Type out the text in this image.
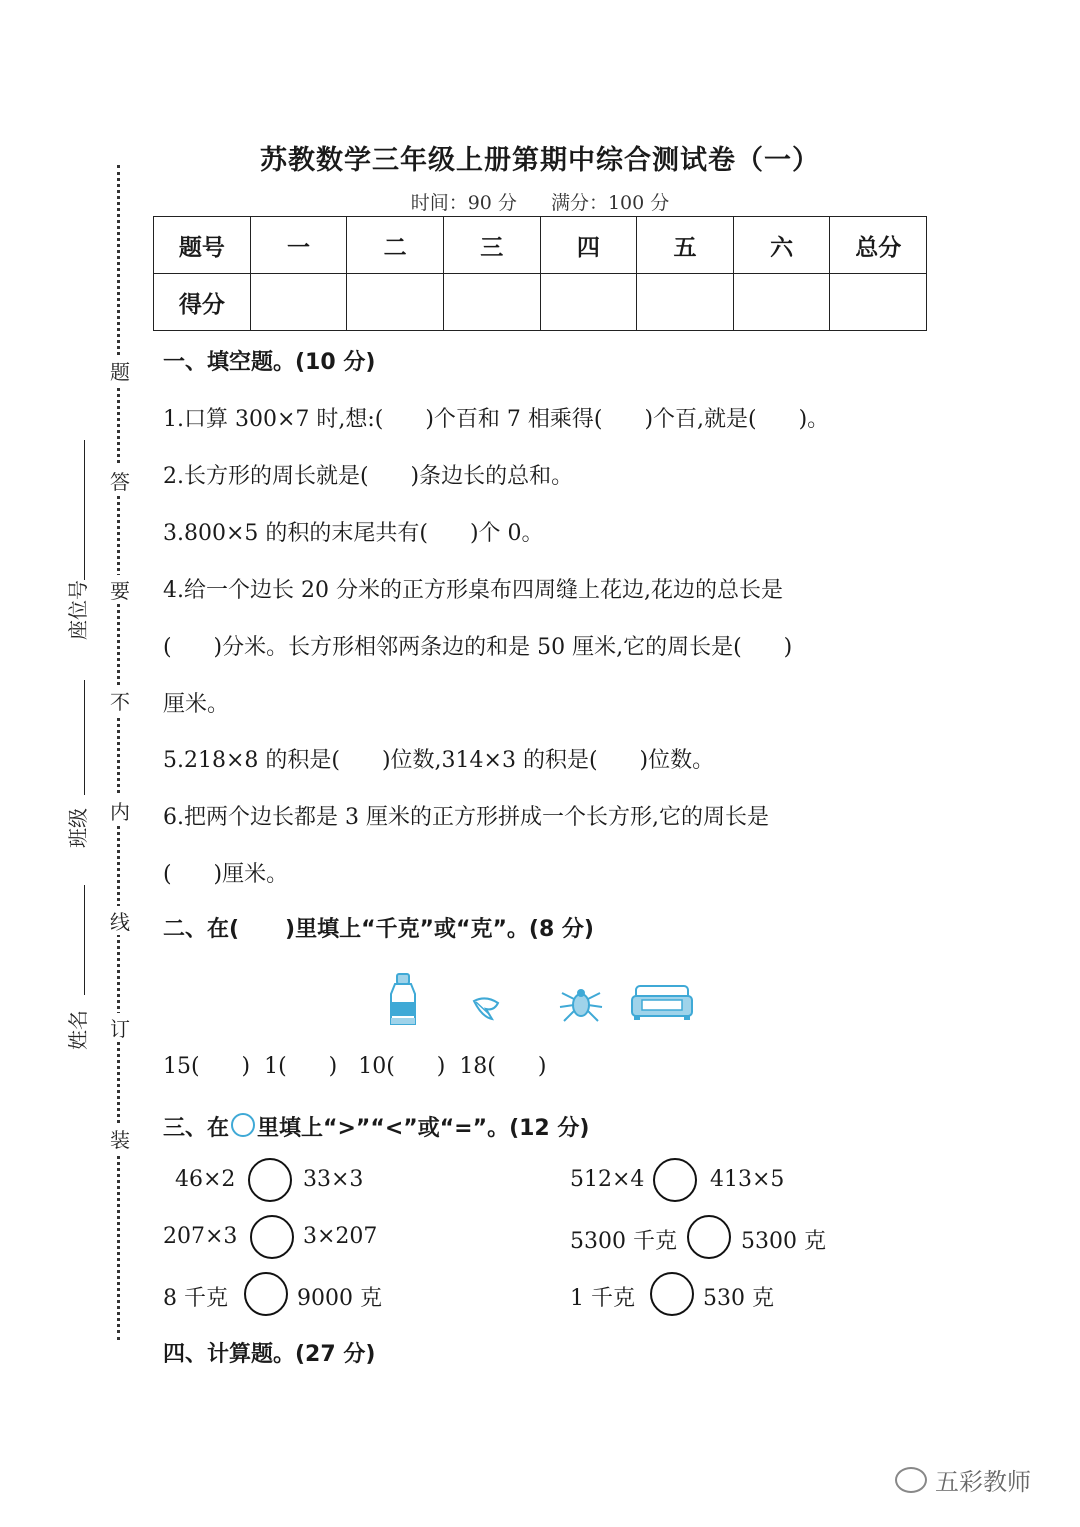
苏教数学三年级上册第期中综合测试卷（一）
时间：90 分 满分：100 分
题号	一	二	三	四	五	六	总分
得分							
题
答
要
不
内
线
订
装
座位号
班级
姓名
一、填空题。(10 分)
1.口算 300×7 时,想:(      )个百和 7 相乘得(      )个百,就是(      )。
2.长方形的周长就是(      )条边长的总和。
3.800×5 的积的末尾共有(      )个 0。
4.给一个边长 20 分米的正方形桌布四周缝上花边,花边的总长是
(      )分米。长方形相邻两条边的和是 50 厘米,它的周长是(      )
厘米。
5.218×8 的积是(      )位数,314×3 的积是(      )位数。
6.把两个边长都是 3 厘米的正方形拼成一个长方形,它的周长是
(      )厘米。
二、在(      )里填上“千克”或“克”。(8 分)
15(      )  1(      )   10(      )  18(      )
三、在 里填上“>”“<”或“=”。(12 分)
46×2	33×3	512×4	413×5
207×3	3×207	5300 千克	5300 克
8 千克	9000 克	1 千克	530 克
四、计算题。(27 分)
五彩教师
